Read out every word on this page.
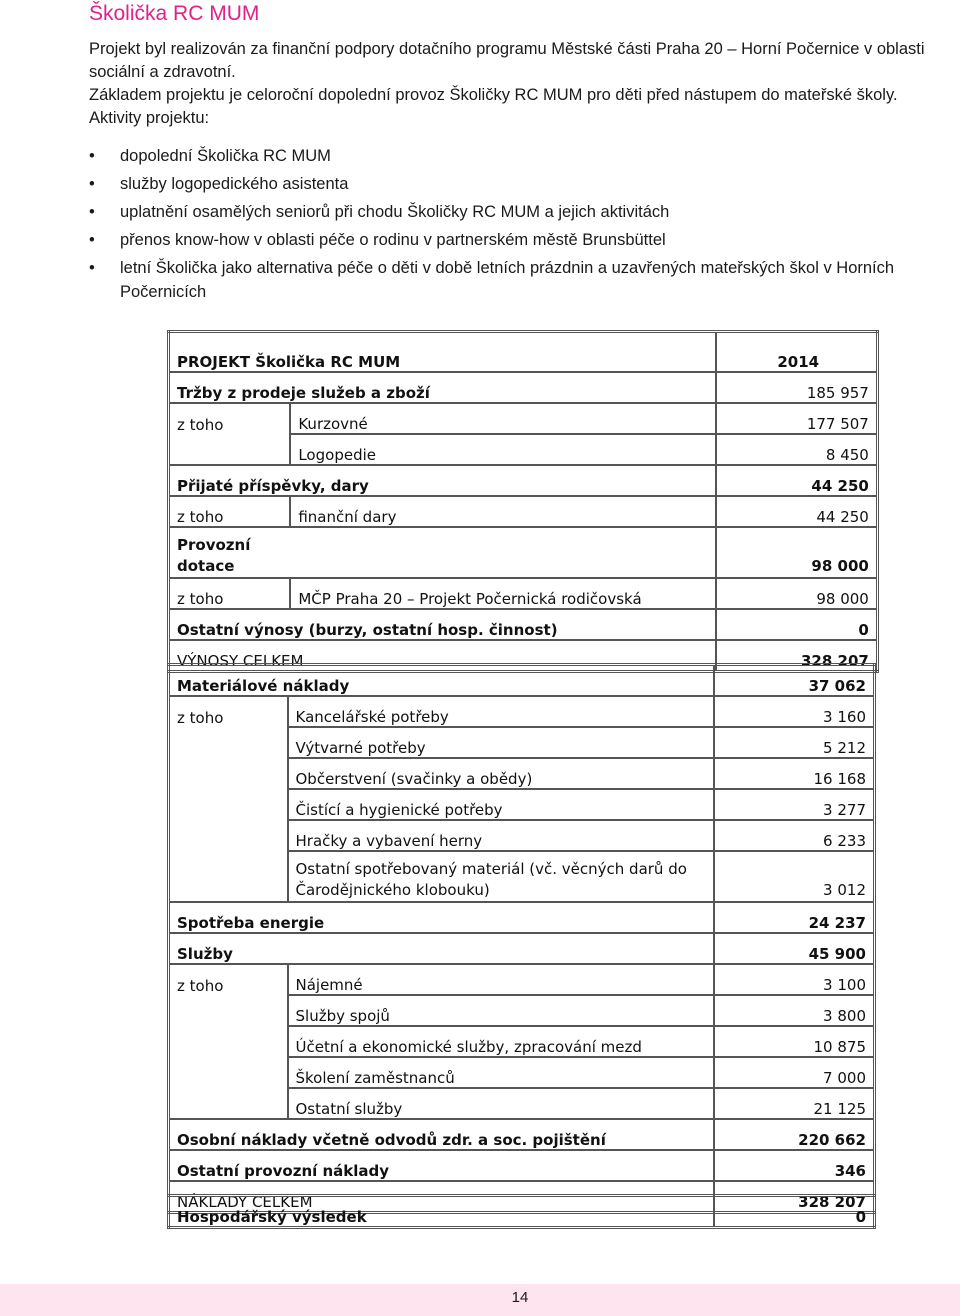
Školička RC MUM

Projekt byl realizován za finanční podpory dotačního programu Městské části Praha 20 – Horní Počernice v oblasti sociální a zdravotní.

Základem projektu je celoroční dopolední provoz Školičky RC MUM pro děti před nástupem do mateřské školy.

Aktivity projektu:

• dopolední Školička RC MUM
• služby logopedického asistenta
• uplatnění osamělých seniorů při chodu Školičky RC MUM a jejich aktivitách
• přenos know-how v oblasti péče o rodinu v partnerském městě Brunsbüttel
• letní Školička jako alternativa péče o děti v době letních prázdnin a uzavřených mateřských škol v Horních Počernicích
PROJEKT Školička RC MUM		2014
Tržby z prodeje služeb a zboží		185 957
z toho	Kurzovné	177 507
	Logopedie	8 450
Přijaté příspěvky, dary		44 250
z toho	finanční dary	44 250
Provozní dotace		98 000
z toho	MČP Praha 20 – Projekt Počernická rodičovská	98 000
Ostatní výnosy (burzy, ostatní hosp. činnost)		0
VÝNOSY CELKEM		328 207
Materiálové náklady		37 062
z toho	Kancelářské potřeby	3 160
	Výtvarné potřeby	5 212
	Občerstvení (svačinky a obědy)	16 168
	Čistící a hygienické potřeby	3 277
	Hračky a vybavení herny	6 233
	Ostatní spotřebovaný materiál (vč. věcných darů do Čarodějnického klobouku)	3 012
Spotřeba energie		24 237
Služby		45 900
z toho	Nájemné	3 100
	Služby spojů	3 800
	Účetní a ekonomické služby, zpracování mezd	10 875
	Školení zaměstnanců	7 000
	Ostatní služby	21 125
Osobní náklady včetně odvodů zdr. a soc. pojištění		220 662
Ostatní provozní náklady		346
NÁKLADY CELKEM		328 207
Hospodářský výsledek	0
14
